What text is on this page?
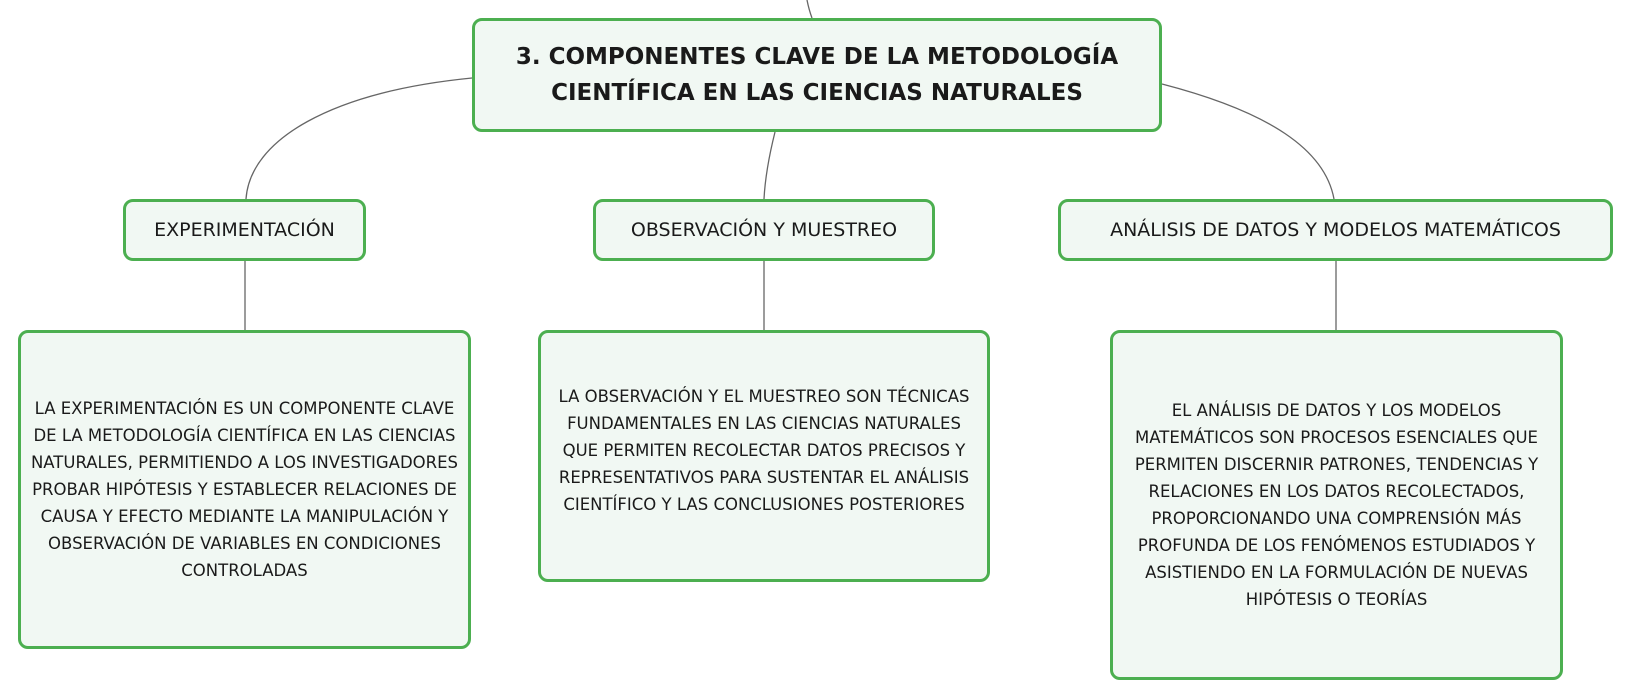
3. COMPONENTES CLAVE DE LA METODOLOGÍA CIENTÍFICA EN LAS CIENCIAS NATURALES
EXPERIMENTACIÓN	OBSERVACIÓN Y MUESTREO	ANÁLISIS DE DATOS Y MODELOS MATEMÁTICOS
LA EXPERIMENTACIÓN ES UN COMPONENTE CLAVE DE LA METODOLOGÍA CIENTÍFICA EN LAS CIENCIAS NATURALES, PERMITIENDO A LOS INVESTIGADORES PROBAR HIPÓTESIS Y ESTABLECER RELACIONES DE CAUSA Y EFECTO MEDIANTE LA MANIPULACIÓN Y OBSERVACIÓN DE VARIABLES EN CONDICIONES CONTROLADAS
LA OBSERVACIÓN Y EL MUESTREO SON TÉCNICAS FUNDAMENTALES EN LAS CIENCIAS NATURALES QUE PERMITEN RECOLECTAR DATOS PRECISOS Y REPRESENTATIVOS PARA SUSTENTAR EL ANÁLISIS CIENTÍFICO Y LAS CONCLUSIONES POSTERIORES
EL ANÁLISIS DE DATOS Y LOS MODELOS MATEMÁTICOS SON PROCESOS ESENCIALES QUE PERMITEN DISCERNIR PATRONES, TENDENCIAS Y RELACIONES EN LOS DATOS RECOLECTADOS, PROPORCIONANDO UNA COMPRENSIÓN MÁS PROFUNDA DE LOS FENÓMENOS ESTUDIADOS Y ASISTIENDO EN LA FORMULACIÓN DE NUEVAS HIPÓTESIS O TEORÍAS
